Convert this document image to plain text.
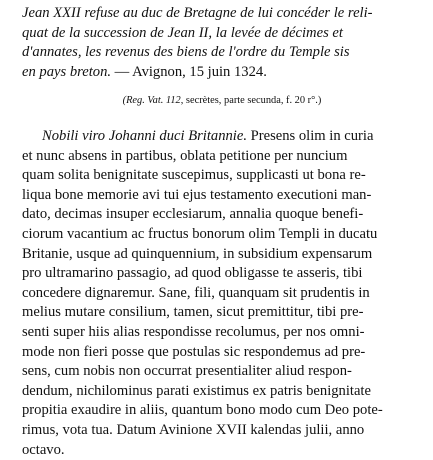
Jean XXII refuse au duc de Bretagne de lui concéder le reli-
quat de la succession de Jean II, la levée de décimes et
d'annates, les revenus des biens de l'ordre du Temple sis
en pays breton. — Avignon, 15 juin 1324.
(Reg. Vat. 112, secrètes, parte secunda, f. 20 r°.)
Nobili viro Johanni duci Britannie. Presens olim in curia
et nunc absens in partibus, oblata petitione per nuncium
quam solita benignitate suscepimus, supplicasti ut bona re-
liqua bone memorie avi tui ejus testamento executioni man-
dato, decimas insuper ecclesiarum, annalia quoque benefi-
ciorum vacantium ac fructus bonorum olim Templi in ducatu
Britanie, usque ad quinquennium, in subsidium expensarum
pro ultramarino passagio, ad quod obligasse te asseris, tibi
concedere dignaremur. Sane, fili, quanquam sit prudentis in
melius mutare consilium, tamen, sicut premittitur, tibi pre-
senti super hiis alias respondisse recolumus, per nos omni-
mode non fieri posse que postulas sic respondemus ad pre-
sens, cum nobis non occurrat presentialiter aliud respon-
dendum, nichilominus parati existimus ex patris benignitate
propitia exaudire in aliis, quantum bono modo cum Deo pote-
rimus, vota tua. Datum Avinione XVII kalendas julii, anno
octavo.
